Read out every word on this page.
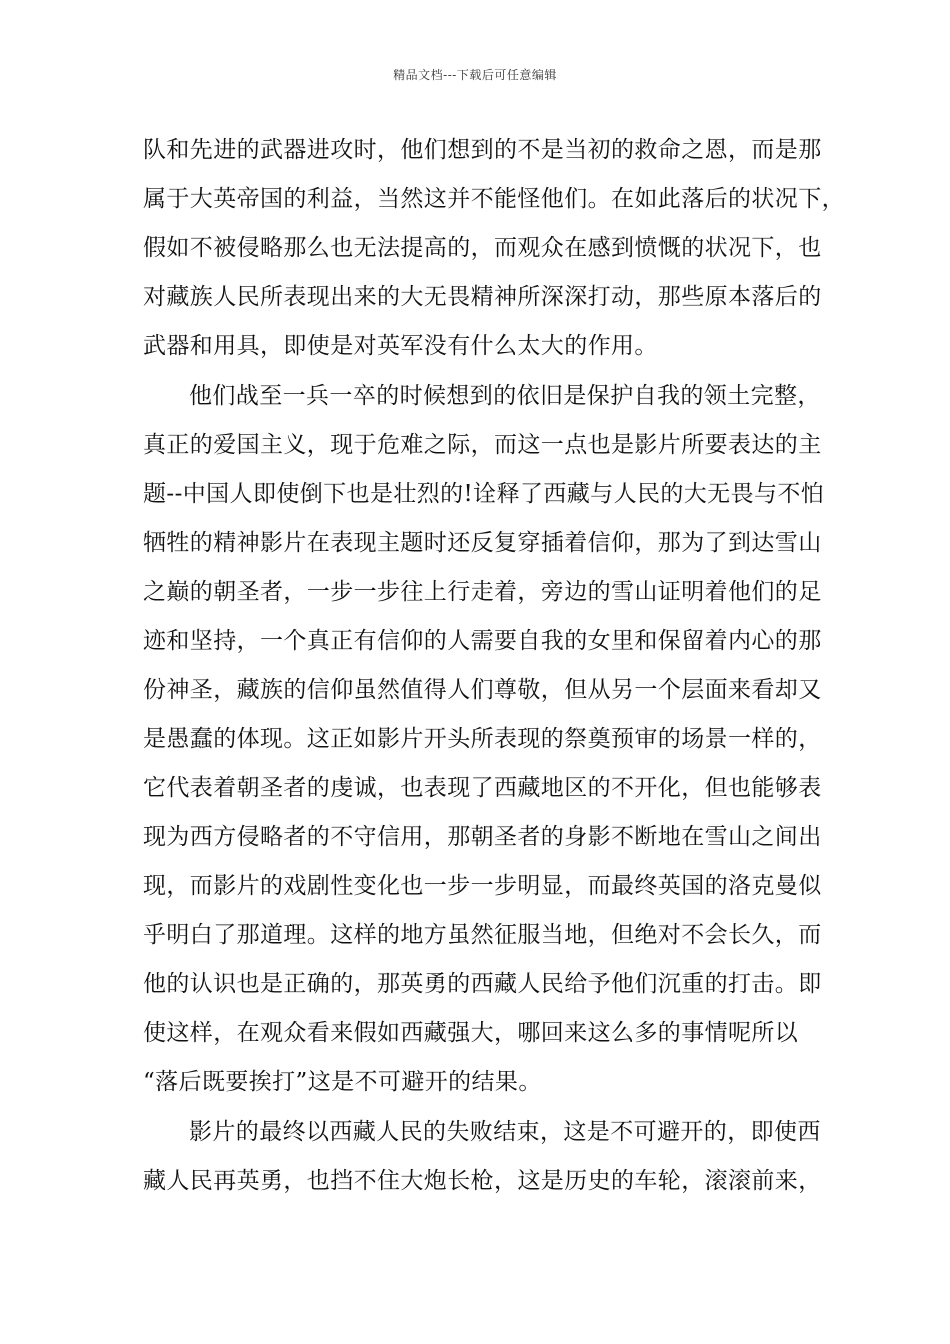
精品文档---下载后可任意编辑
队和先进的武器进攻时，他们想到的不是当初的救命之恩，而是那
属于大英帝国的利益，当然这并不能怪他们。在如此落后的状况下，
假如不被侵略那么也无法提高的，而观众在感到愤慨的状况下，也
对藏族人民所表现出来的大无畏精神所深深打动，那些原本落后的
武器和用具，即使是对英军没有什么太大的作用。
他们战至一兵一卒的时候想到的依旧是保护自我的领土完整，
真正的爱国主义，现于危难之际，而这一点也是影片所要表达的主
题--中国人即使倒下也是壮烈的!诠释了西藏与人民的大无畏与不怕
牺牲的精神影片在表现主题时还反复穿插着信仰，那为了到达雪山
之巅的朝圣者，一步一步往上行走着，旁边的雪山证明着他们的足
迹和坚持，一个真正有信仰的人需要自我的女里和保留着内心的那
份神圣，藏族的信仰虽然值得人们尊敬，但从另一个层面来看却又
是愚蠢的体现。这正如影片开头所表现的祭奠预审的场景一样的，
它代表着朝圣者的虔诚，也表现了西藏地区的不开化，但也能够表
现为西方侵略者的不守信用，那朝圣者的身影不断地在雪山之间出
现，而影片的戏剧性变化也一步一步明显，而最终英国的洛克曼似
乎明白了那道理。这样的地方虽然征服当地，但绝对不会长久，而
他的认识也是正确的，那英勇的西藏人民给予他们沉重的打击。即
使这样，在观众看来假如西藏强大，哪回来这么多的事情呢所以
“落后既要挨打”这是不可避开的结果。
影片的最终以西藏人民的失败结束，这是不可避开的，即使西
藏人民再英勇，也挡不住大炮长枪，这是历史的车轮，滚滚前来，
